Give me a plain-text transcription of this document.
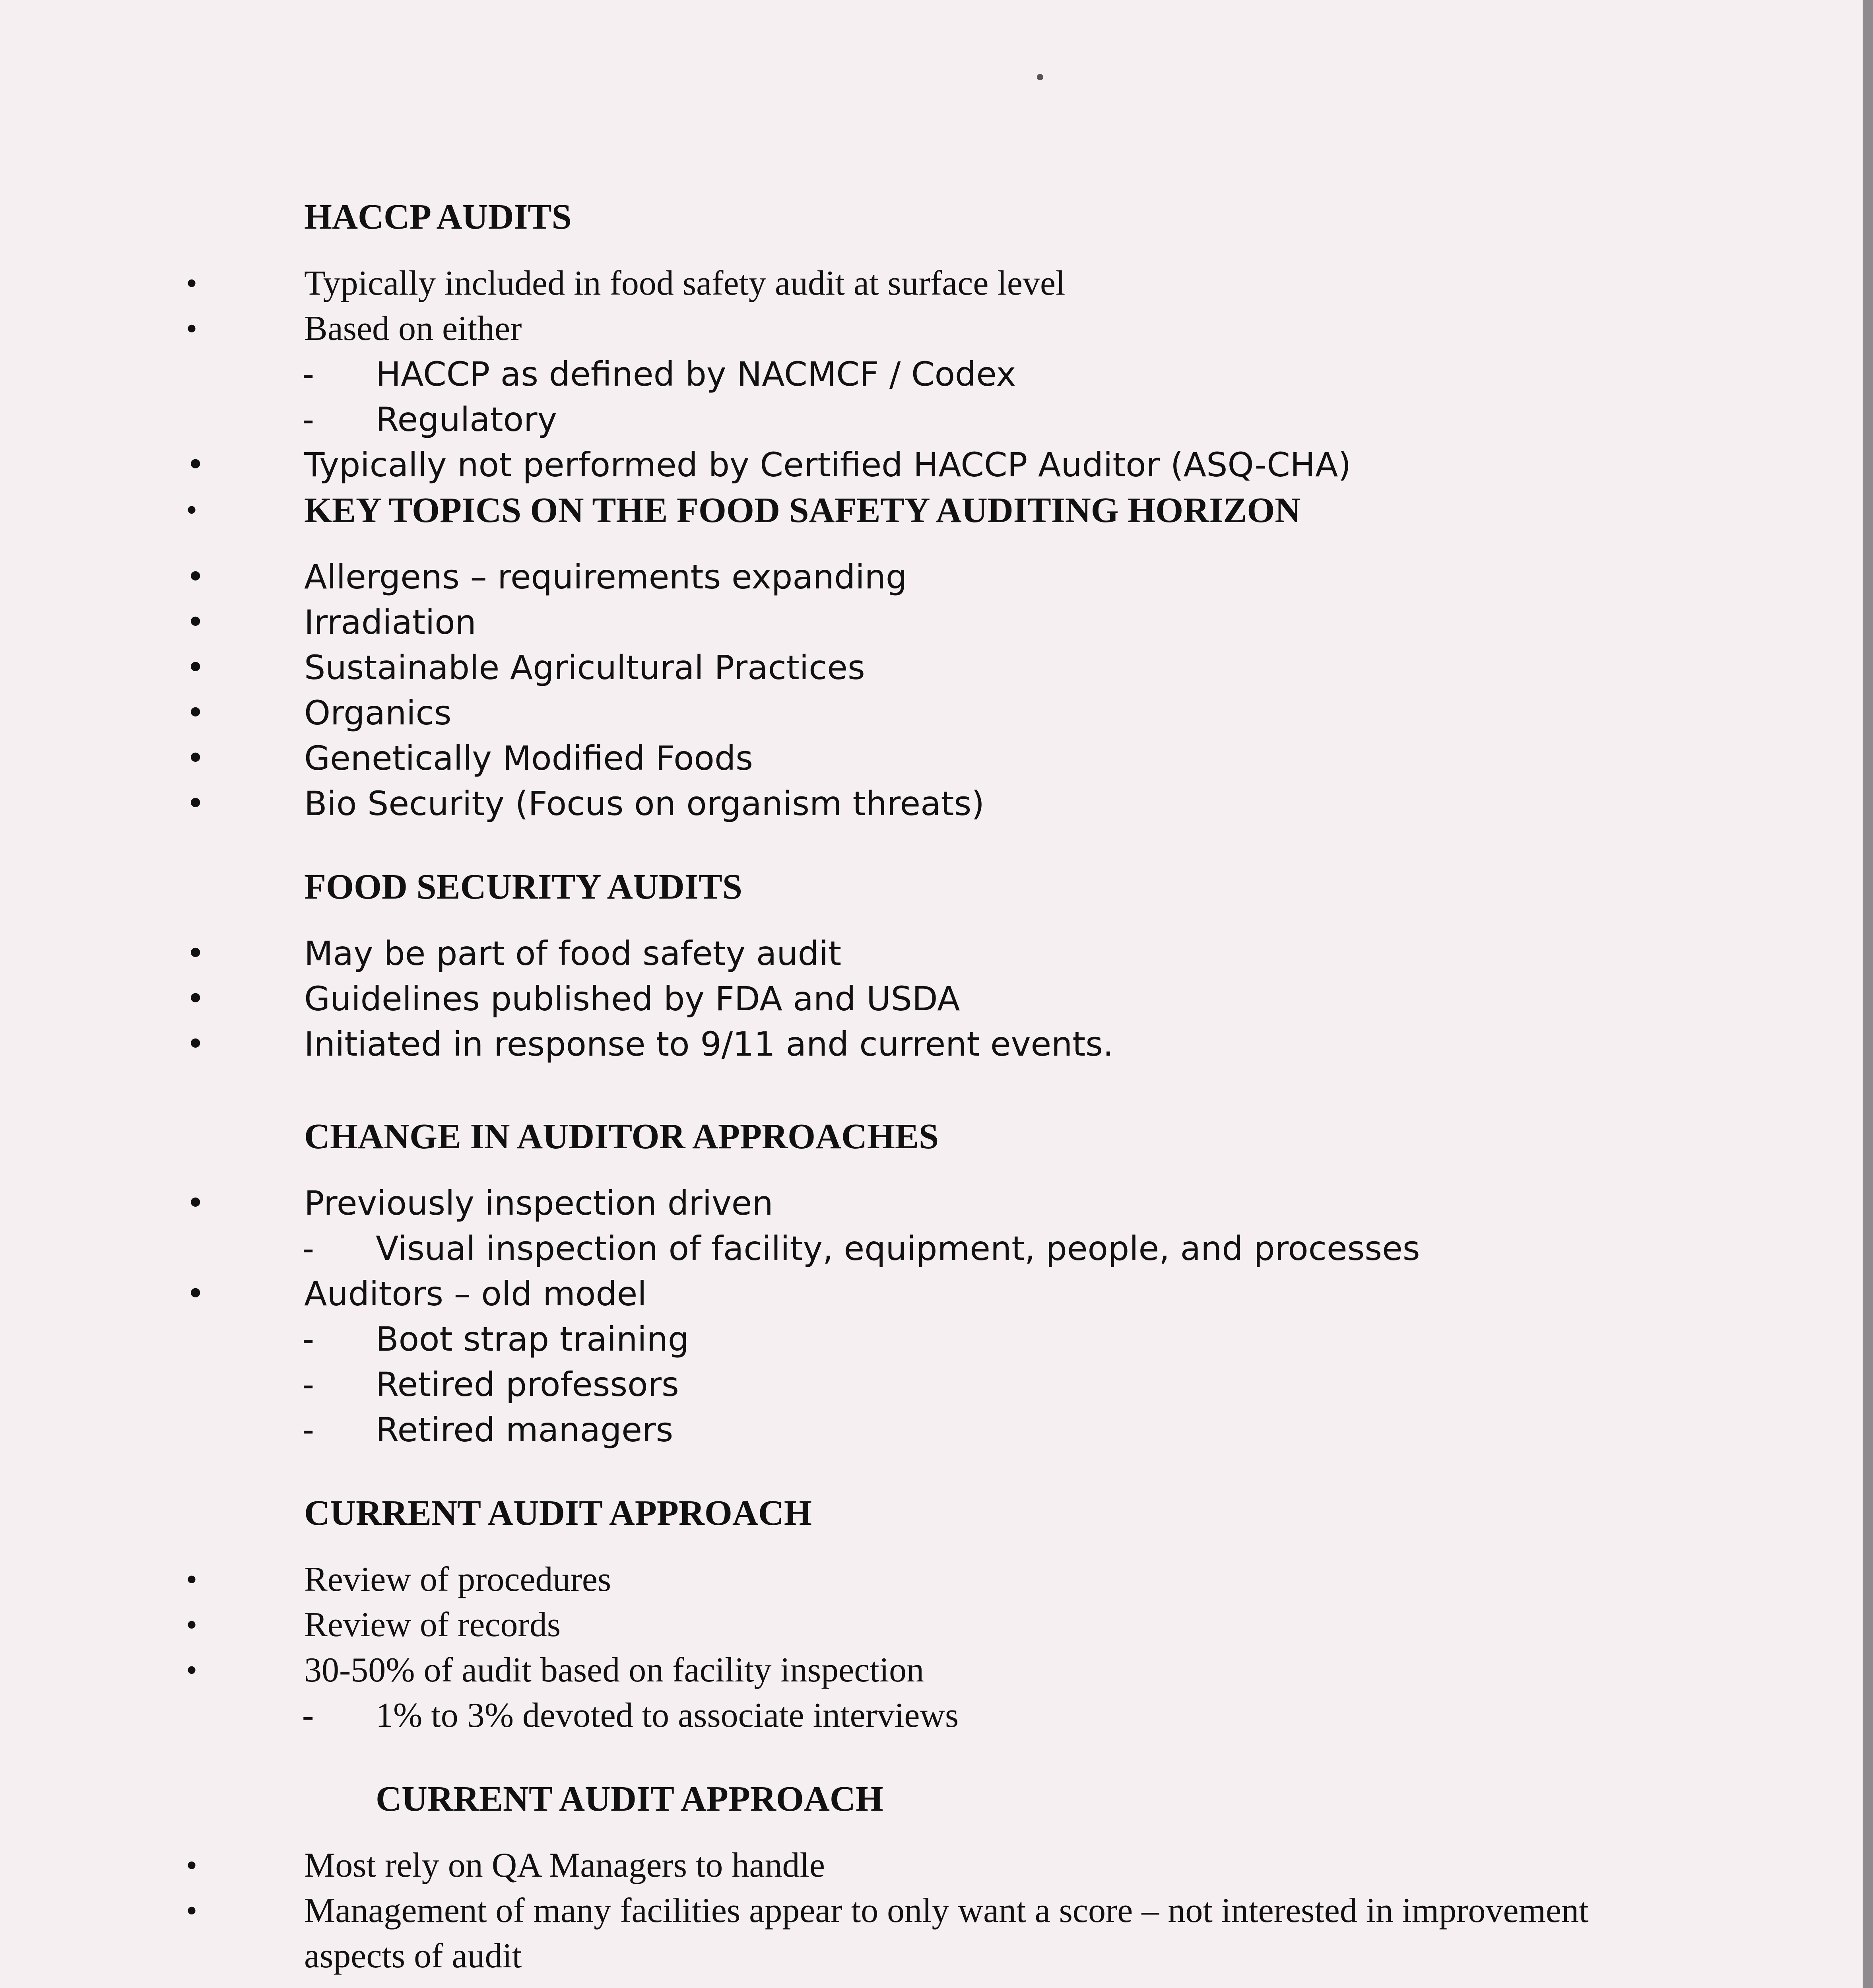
HACCP AUDITS
•	Typically included in food safety audit at surface level
•	Based on either
- HACCP as defined by NACMCF / Codex
- Regulatory
•	Typically not performed by Certified HACCP Auditor (ASQ-CHA)
•	KEY TOPICS ON THE FOOD SAFETY AUDITING HORIZON
•	Allergens – requirements expanding
•	Irradiation
•	Sustainable Agricultural Practices
•	Organics
•	Genetically Modified Foods
•	Bio Security (Focus on organism threats)
FOOD SECURITY AUDITS
•	May be part of food safety audit
•	Guidelines published by FDA and USDA
•	Initiated in response to 9/11 and current events.
CHANGE IN AUDITOR APPROACHES
•	Previously inspection driven
- Visual inspection of facility, equipment, people, and processes
•	Auditors – old model
- Boot strap training
- Retired professors
- Retired managers
CURRENT AUDIT APPROACH
•	Review of procedures
•	Review of records
•	30-50% of audit based on facility inspection
- 1% to 3% devoted to associate interviews
CURRENT AUDIT APPROACH
•	Most rely on QA Managers to handle
•	Management of many facilities appear to only want a score – not interested in improvement aspects of audit
